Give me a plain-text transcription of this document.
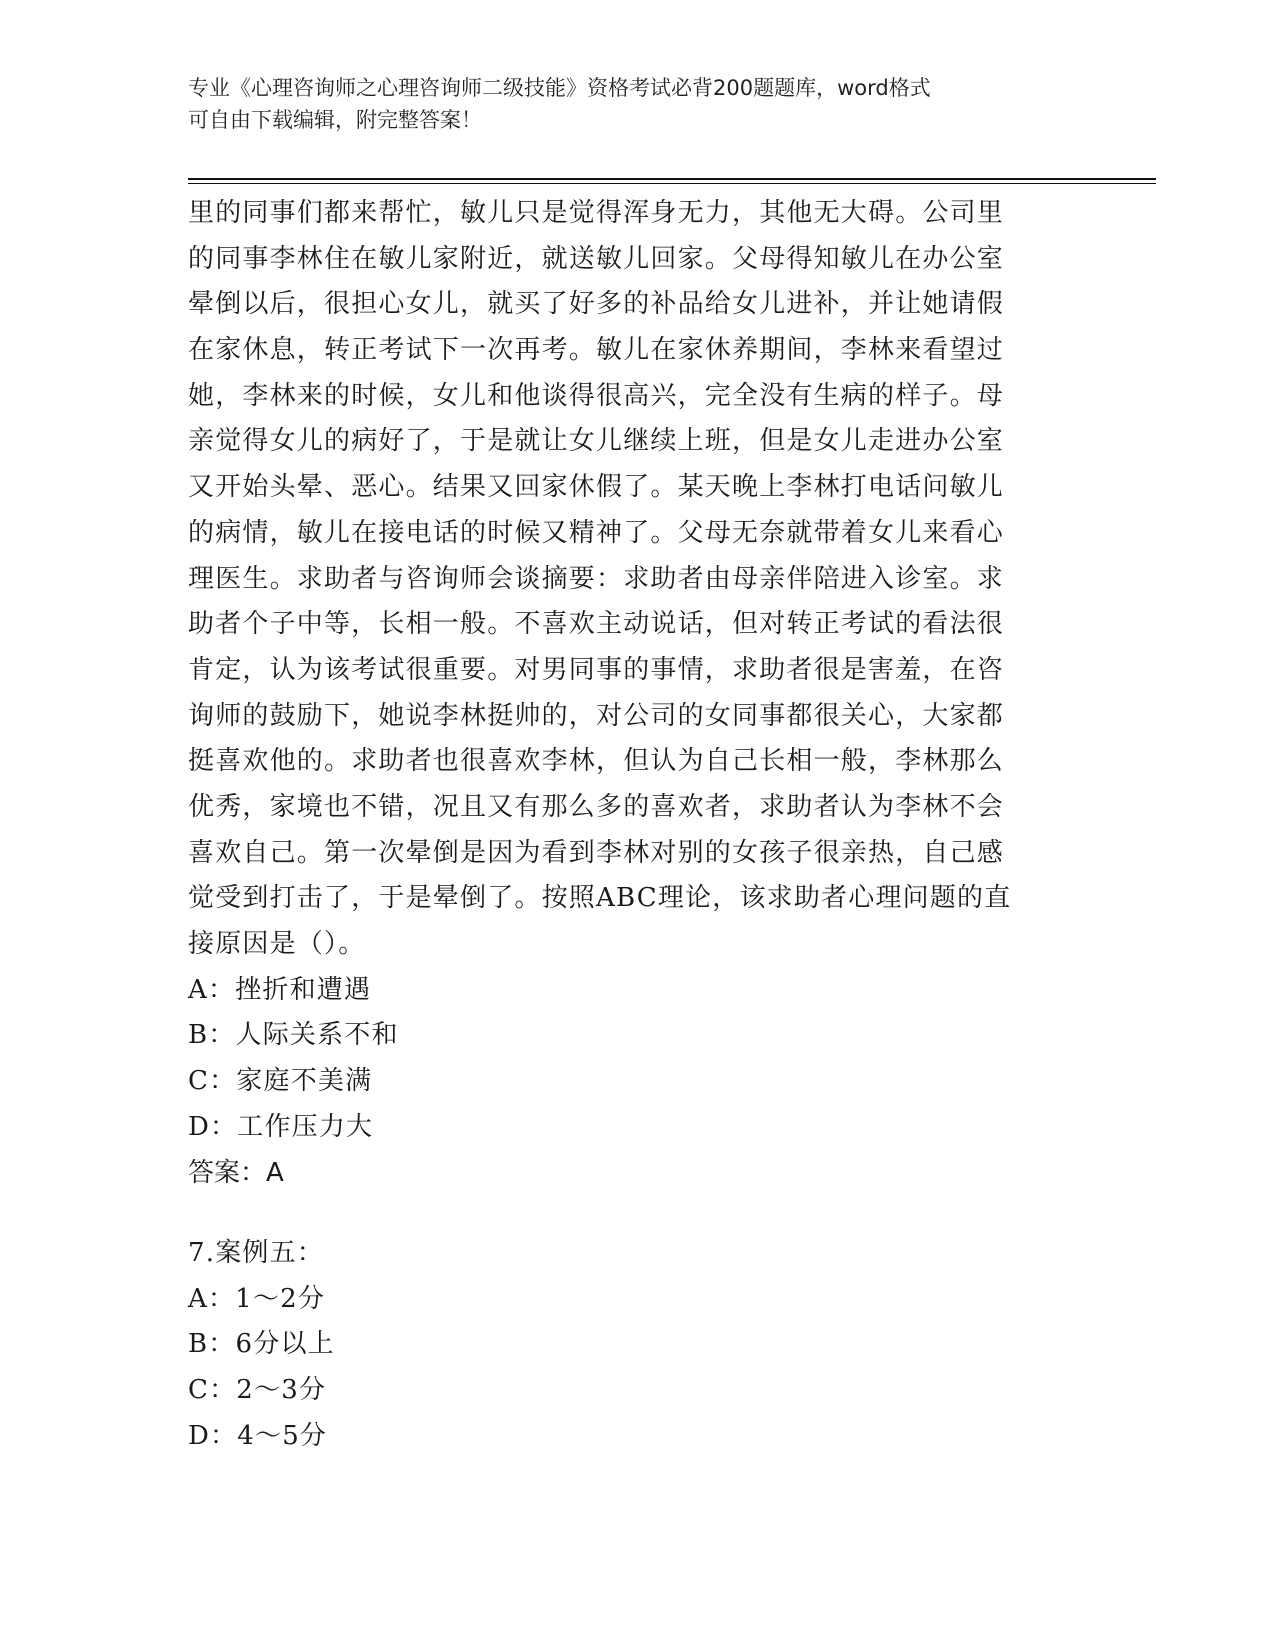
专业《心理咨询师之心理咨询师二级技能》资格考试必背200题题库，word格式
可自由下载编辑，附完整答案！
里的同事们都来帮忙，敏儿只是觉得浑身无力，其他无大碍。公司里
的同事李林住在敏儿家附近，就送敏儿回家。父母得知敏儿在办公室
晕倒以后，很担心女儿，就买了好多的补品给女儿进补，并让她请假
在家休息，转正考试下一次再考。敏儿在家休养期间，李林来看望过
她，李林来的时候，女儿和他谈得很高兴，完全没有生病的样子。母
亲觉得女儿的病好了，于是就让女儿继续上班，但是女儿走进办公室
又开始头晕、恶心。结果又回家休假了。某天晚上李林打电话问敏儿
的病情，敏儿在接电话的时候又精神了。父母无奈就带着女儿来看心
理医生。求助者与咨询师会谈摘要：求助者由母亲伴陪进入诊室。求
助者个子中等，长相一般。不喜欢主动说话，但对转正考试的看法很
肯定，认为该考试很重要。对男同事的事情，求助者很是害羞，在咨
询师的鼓励下，她说李林挺帅的，对公司的女同事都很关心，大家都
挺喜欢他的。求助者也很喜欢李林，但认为自己长相一般，李林那么
优秀，家境也不错，况且又有那么多的喜欢者，求助者认为李林不会
喜欢自己。第一次晕倒是因为看到李林对别的女孩子很亲热，自己感
觉受到打击了，于是晕倒了。按照ABC理论，该求助者心理问题的直
接原因是（）。
A：挫折和遭遇
B：人际关系不和
C：家庭不美满
D：工作压力大
答案：A
7.案例五：
A：1～2分
B：6分以上
C：2～3分
D：4～5分
